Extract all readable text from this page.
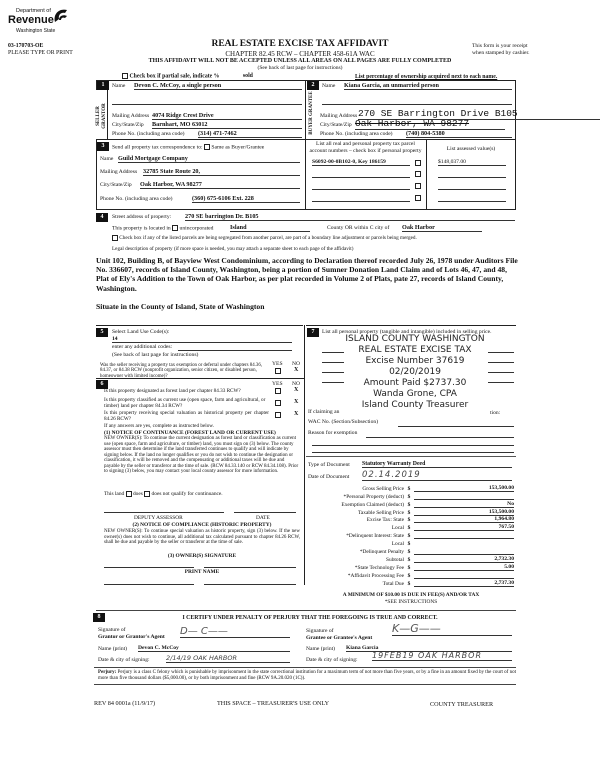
Department of
Revenue
Washington State
03-170703-OE
PLEASE TYPE OR PRINT
REAL ESTATE EXCISE TAX AFFIDAVIT
CHAPTER 82.45 RCW – CHAPTER 458-61A WAC
THIS AFFIDAVIT WILL NOT BE ACCEPTED UNLESS ALL AREAS ON ALL PAGES ARE FULLY COMPLETED
(See back of last page for instructions)
This form is your receipt
when stamped by cashier.
Check box if partial sale, indicate %	sold	List percentage of ownership acquired next to each name.
1
SELLER GRANTOR
Name Devon C. McCoy, a single person
Mailing Address 4074 Ridge Crest Drive
City/State/Zip Barnhart, MO 63012
Phone No. (including area code) (314) 471-7462
2
BUYER GRANTEE
Name Kiana Garcia, an unmarried person
Mailing Address 270 SE Barrington Drive B105
City/State/Zip Oak Harbor, WA 98277
Phone No. (including area code) (740) 804-5380
3	Send all property tax correspondence to: Same as Buyer/Grantee
Name Guild Mortgage Company
Mailing Address 32785 State Route 20,
City/State/Zip Oak Harbor, WA 98277
Phone No. (including area code)	(360) 675-6106 Ext. 228
List all real and personal property tax parcel account numbers – check box if personal property	List assessed value(s)
S6092-00-0B102-0, Key 186159	$148,037.00
4	Street address of property: 270 SE barrington Dr. B105
This property is located in unincorporated	Island	County OR within C city of Oak Harbor
Check box if any of the listed parcels are being segregated from another parcel, are part of a boundary line adjustment or parcels being merged.
Legal description of property (if more space is needed, you may attach a separate sheet to each page of the affidavit)
Unit 102, Building B, of Bayview West Condominium, according to Declaration thereof recorded July 26, 1978 under Auditors File No. 336607, records of Island County, Washington, being a portion of Sumner Donation Land Claim and of Lots 46, 47, and 48, Plat of Ely's Addition to the Town of Oak Harbor, as per plat recorded in Volume 2 of Plats, pate 27, records of Island County, Washington.
Situate in the County of Island, State of Washington
5	Select Land Use Code(s):
14
enter any additional codes:
(See back of last page for instructions)
YES NO
Was the seller receiving a property tax exemption or deferral under chapters 84.36, 84.37, or 84.38 RCW (nonprofit organization, senior citizen, or disabled person, homeowner with limited income)?
X
6	YES NO
Is this property designated as forest land per chapter 84.33 RCW?	X
Is this property classified as current use (open space, farm and agricultural, or timber) land per chapter 84.34 RCW?
X
Is this property receiving special valuation as historical property per chapter 84.26 RCW?
X
If any answers are yes, complete as instructed below.
(1) NOTICE OF CONTINUANCE (FOREST LAND OR CURRENT USE)
NEW OWNER(S): To continue the current designation as forest land or classification as current use (open space, farm and agriculture, or timber) land, you must sign on (3) below. The county assessor must then determine if the land transferred continues to qualify and will indicate by signing below. If the land no longer qualifies or you do not wish to continue the designation or classification, it will be removed and the compensating or additional taxes will be due and payable by the seller or transferor at the time of sale. (RCW 84.33.140 or RCW 84.34.108). Prior to signing (3) below, you may contact your local county assessor for more information.
This land does does not qualify for continuance.
DEPUTY ASSESSOR	DATE
(2) NOTICE OF COMPLIANCE (HISTORIC PROPERTY)
NEW OWNER(S): To continue special valuation as historic property, sign (3) below. If the new owner(s) does not wish to continue, all additional tax calculated pursuant to chapter 84.26 RCW, shall be due and payable by the seller or transferor at the time of sale.
(3) OWNER(S) SIGNATURE
PRINT NAME
7	List all personal property (tangible and intangible) included in selling price.
ISLAND COUNTY WASHINGTON
REAL ESTATE EXCISE TAX
Excise Number 37619
02/20/2019
Amount Paid $2737.30
Wanda Grone, CPA
Island County Treasurer
If claiming an	tion:
WAC No. (Section/Subsection)
Reason for exemption
Type of Document Statutory Warranty Deed
Date of Document 02.14.2019
Gross Selling Price $	153,500.00
*Personal Property (deduct) $
Exemption Claimed (deduct) $	No
Taxable Selling Price $	153,500.00
Excise Tax: State $	1,964.80
Local $	767.50
*Delinquent Interest: State $
Local $
*Delinquent Penalty $
Subtotal $	2,732.30
*State Technology Fee $	5.00
*Affidavit Processing Fee $
Total Due $	2,737.30
A MINIMUM OF $10.00 IS DUE IN FEE(S) AND/OR TAX
*SEE INSTRUCTIONS
8	I CERTIFY UNDER PENALTY OF PERJURY THAT THE FOREGOING IS TRUE AND CORRECT.
Signature of
Grantor or Grantor's Agent D— C——
Name (print) Devon C. McCoy
Date & city of signing:	2/14/19 OAK HARBOR
Signature of
Grantee or Grantee's Agent
K—G——
Name (print) Kiana Garcia
Date & city of signing: 19FEB19 OAK HARBOR
Perjury: Perjury is a class C felony which is punishable by imprisonment in the state correctional institution for a maximum term of not more than five years, or by a fine in an amount fixed by the court of not more than five thousand dollars ($5,000.00), or by both imprisonment and fine (RCW 9A.20.020 (1C)).
REV 84 0001a (11/9/17)	THIS SPACE – TREASURER'S USE ONLY	COUNTY TREASURER
